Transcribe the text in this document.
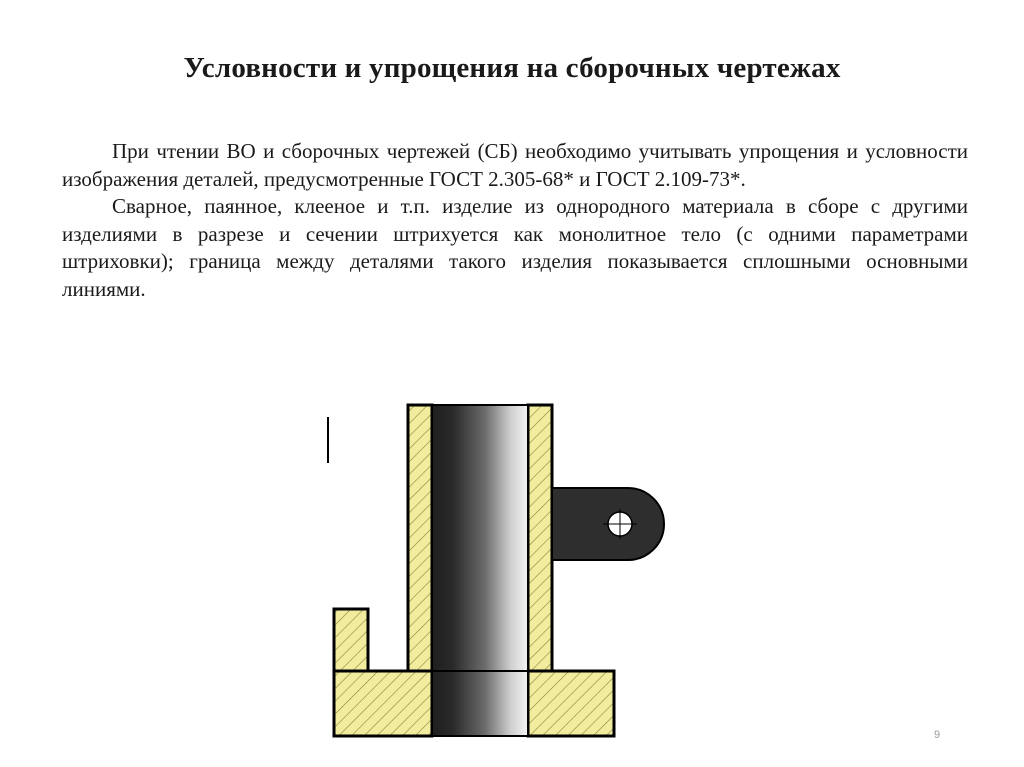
Условности и упрощения на сборочных чертежах

При чтении ВО и сборочных чертежей (СБ) необходимо учитывать упрощения и условности изображения деталей, предусмотренные ГОСТ 2.305-68* и ГОСТ 2.109-73*.

Сварное, паянное, клееное и т.п. изделие из однородного материала в сборе с другими изделиями в разрезе и сечении штрихуется как монолитное тело (с одними параметрами штриховки); граница между деталями такого изделия показывается сплошными основными линиями.

9
